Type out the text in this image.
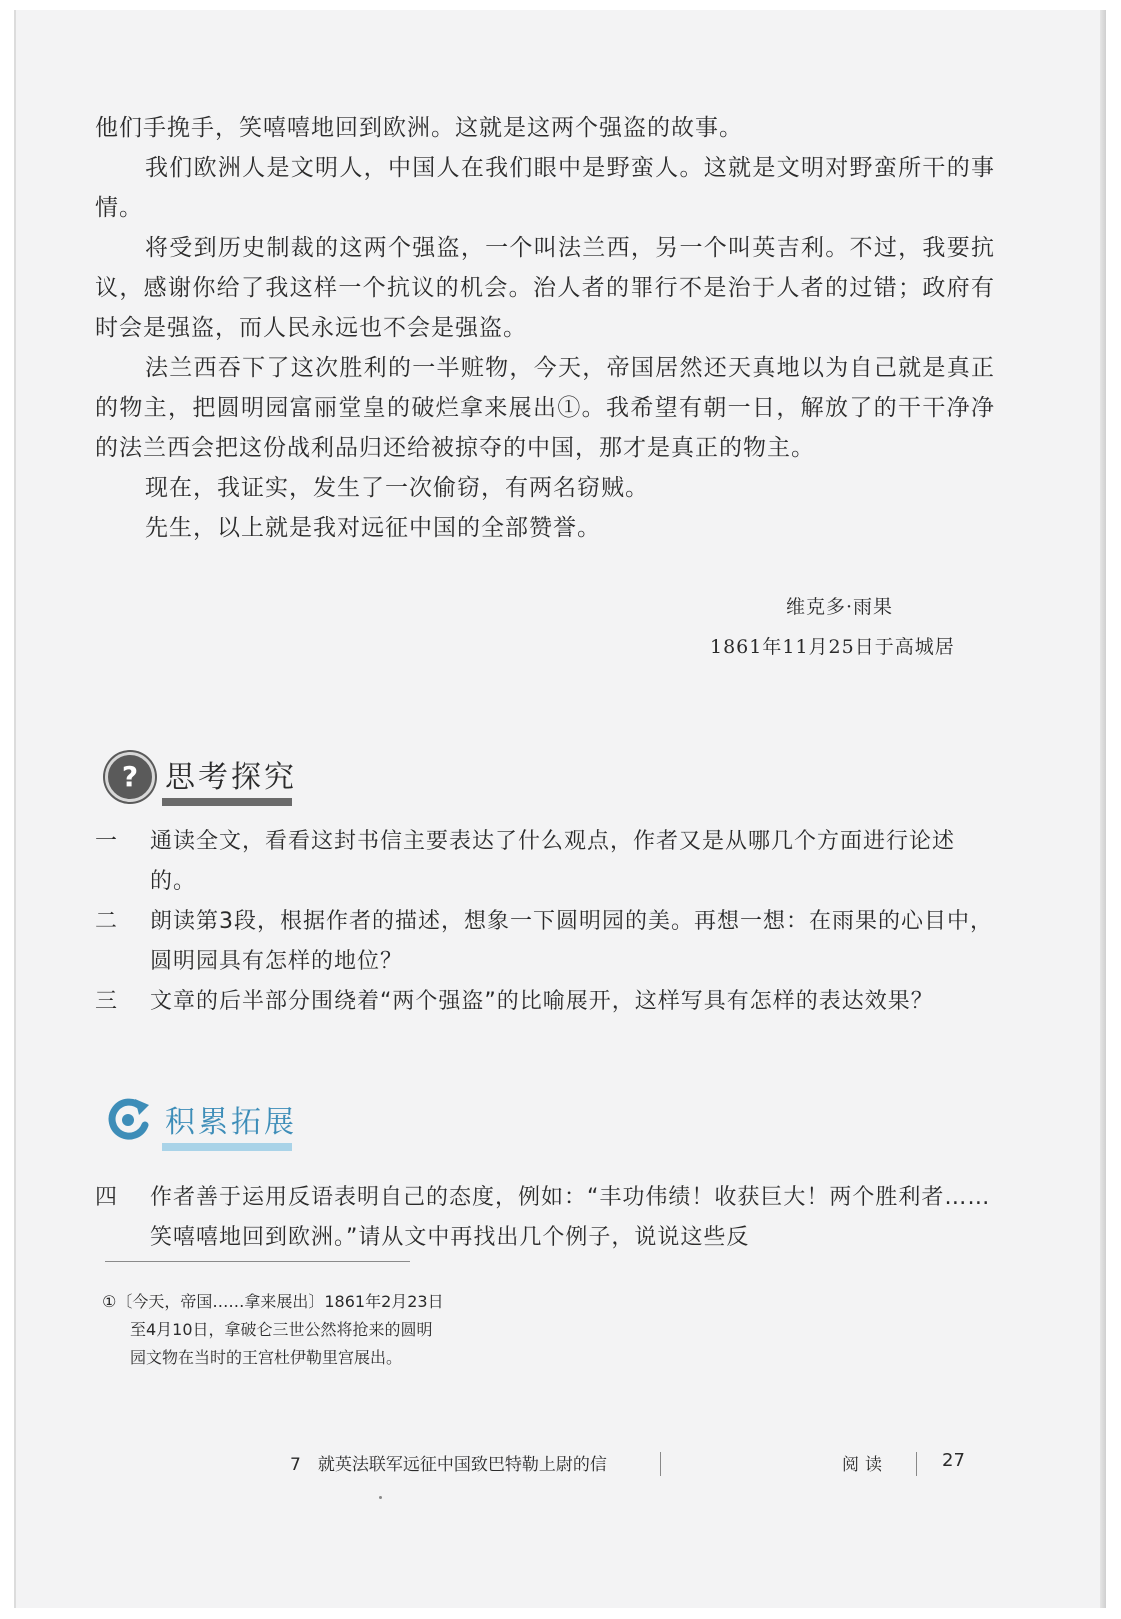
他们手挽手，笑嘻嘻地回到欧洲。这就是这两个强盗的故事。

我们欧洲人是文明人，中国人在我们眼中是野蛮人。这就是文明对野蛮所干的事情。

将受到历史制裁的这两个强盗，一个叫法兰西，另一个叫英吉利。不过，我要抗议，感谢你给了我这样一个抗议的机会。治人者的罪行不是治于人者的过错；政府有时会是强盗，而人民永远也不会是强盗。

法兰西吞下了这次胜利的一半赃物，今天，帝国居然还天真地以为自己就是真正的物主，把圆明园富丽堂皇的破烂拿来展出①。我希望有朝一日，解放了的干干净净的法兰西会把这份战利品归还给被掠夺的中国，那才是真正的物主。

现在，我证实，发生了一次偷窃，有两名窃贼。

先生，以上就是我对远征中国的全部赞誉。

维克多·雨果
1861年11月25日于高城居
? 思考探究
一	通读全文，看看这封书信主要表达了什么观点，作者又是从哪几个方面进行论述的。
二	朗读第3段，根据作者的描述，想象一下圆明园的美。再想一想：在雨果的心目中，圆明园具有怎样的地位？
三	文章的后半部分围绕着“两个强盗”的比喻展开，这样写具有怎样的表达效果？
积累拓展
四	作者善于运用反语表明自己的态度，例如：“丰功伟绩！收获巨大！两个胜利者……笑嘻嘻地回到欧洲。”请从文中再找出几个例子，说说这些反

①〔今天，帝国……拿来展出〕1861年2月23日

至4月10日，拿破仑三世公然将抢来的圆明

园文物在当时的王宫杜伊勒里宫展出。

7　就英法联军远征中国致巴特勒上尉的信	阅读	27
